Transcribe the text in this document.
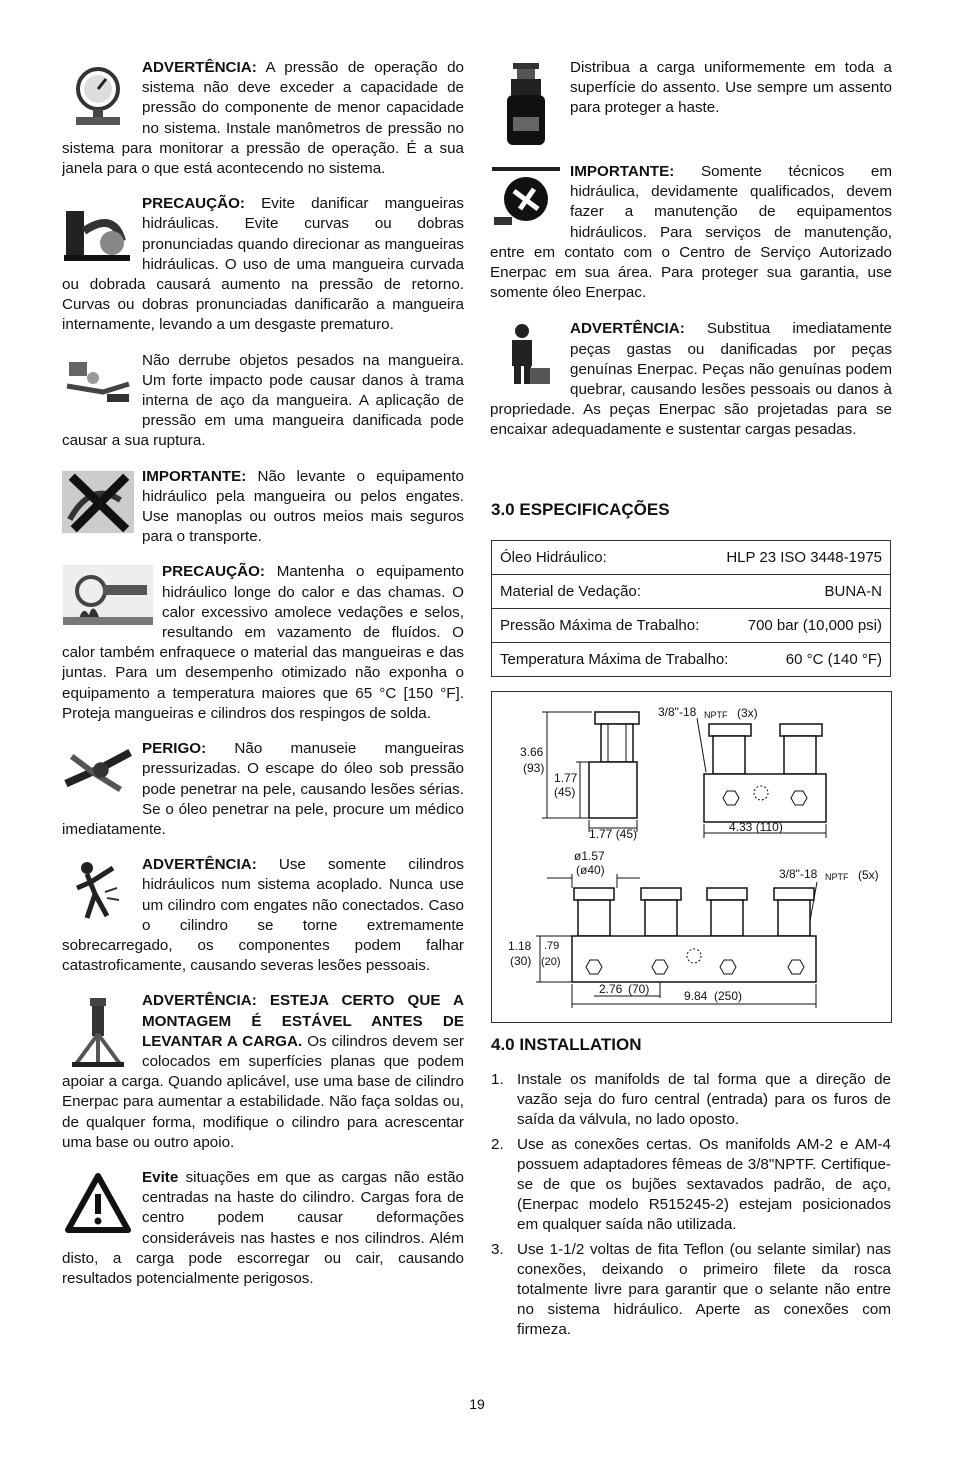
ADVERTÊNCIA: A pressão de operação do sistema não deve exceder a capacidade de pressão do componente de menor capacidade no sistema. Instale manômetros de pressão no sistema para monitorar a pressão de operação. É a sua janela para o que está acontecendo no sistema.

PRECAUÇÃO: Evite danificar mangueiras hidráulicas. Evite curvas ou dobras pronunciadas quando direcionar as mangueiras hidráulicas. O uso de uma mangueira curvada ou dobrada causará aumento na pressão de retorno. Curvas ou dobras pronunciadas danificarão a mangueira internamente, levando a um desgaste prematuro.

Não derrube objetos pesados na mangueira. Um forte impacto pode causar danos à trama interna de aço da mangueira. A aplicação de pressão em uma mangueira danificada pode causar a sua ruptura.

IMPORTANTE: Não levante o equipamento hidráulico pela mangueira ou pelos engates. Use manoplas ou outros meios mais seguros para o transporte.

PRECAUÇÃO: Mantenha o equipamento hidráulico longe do calor e das chamas. O calor excessivo amolece vedações e selos, resultando em vazamento de fluídos. O calor também enfraquece o material das mangueiras e das juntas. Para um desempenho otimizado não exponha o equipamento a temperatura maiores que 65 °C [150 °F]. Proteja mangueiras e cilindros dos respingos de solda.

PERIGO: Não manuseie mangueiras pressurizadas. O escape do óleo sob pressão pode penetrar na pele, causando lesões sérias. Se o óleo penetrar na pele, procure um médico imediatamente.

ADVERTÊNCIA: Use somente cilindros hidráulicos num sistema acoplado. Nunca use um cilindro com engates não conectados. Caso o cilindro se torne extremamente sobrecarregado, os componentes podem falhar catastroficamente, causando severas lesões pessoais.

ADVERTÊNCIA: ESTEJA CERTO QUE A MONTAGEM É ESTÁVEL ANTES DE LEVANTAR A CARGA. Os cilindros devem ser colocados em superfícies planas que podem apoiar a carga. Quando aplicável, use uma base de cilindro Enerpac para aumentar a estabilidade. Não faça soldas ou, de qualquer forma, modifique o cilindro para acrescentar uma base ou outro apoio.

Evite situações em que as cargas não estão centradas na haste do cilindro. Cargas fora de centro podem causar deformações consideráveis nas hastes e nos cilindros. Além disto, a carga pode escorregar ou cair, causando resultados potencialmente perigosos.

Distribua a carga uniformemente em toda a superfície do assento. Use sempre um assento para proteger a haste.

IMPORTANTE: Somente técnicos em hidráulica, devidamente qualificados, devem fazer a manutenção de equipamentos hidráulicos. Para serviços de manutenção, entre em contato com o Centro de Serviço Autorizado Enerpac em sua área. Para proteger sua garantia, use somente óleo Enerpac.

ADVERTÊNCIA: Substitua imediatamente peças gastas ou danificadas por peças genuínas Enerpac. Peças não genuínas podem quebrar, causando lesões pessoais ou danos à propriedade. As peças Enerpac são projetadas para se encaixar adequadamente e sustentar cargas pesadas.

3.0 ESPECIFICAÇÕES
Óleo Hidráulico:	HLP 23 ISO 3448-1975

Material de Vedação:	BUNA-N

Pressão Máxima de Trabalho:	700 bar (10,000 psi)

Temperatura Máxima de Trabalho:	60 °C (140 °F)
3.66
(93)
1.77
(45)
1.77 (45)
3/8"-18 NPTF (3x)
4.33 (110)
ø1.57
(ø40)	3/8"-18 NPTF (5x)
1.18
(30)
.79
(20)
2.76 (70)	9.84 (250)
4.0 INSTALLATION
1. Instale os manifolds de tal forma que a direção de vazão seja do furo central (entrada) para os furos de saída da válvula, no lado oposto.
2. Use as conexões certas. Os manifolds AM-2 e AM-4 possuem adaptadores fêmeas de 3/8"NPTF. Certifique-se de que os bujões sextavados padrão, de aço, (Enerpac modelo R515245-2) estejam posicionados em qualquer saída não utilizada.
3. Use 1-1/2 voltas de fita Teflon (ou selante similar) nas conexões, deixando o primeiro filete da rosca totalmente livre para garantir que o selante não entre no sistema hidráulico. Aperte as conexões com firmeza.
19
